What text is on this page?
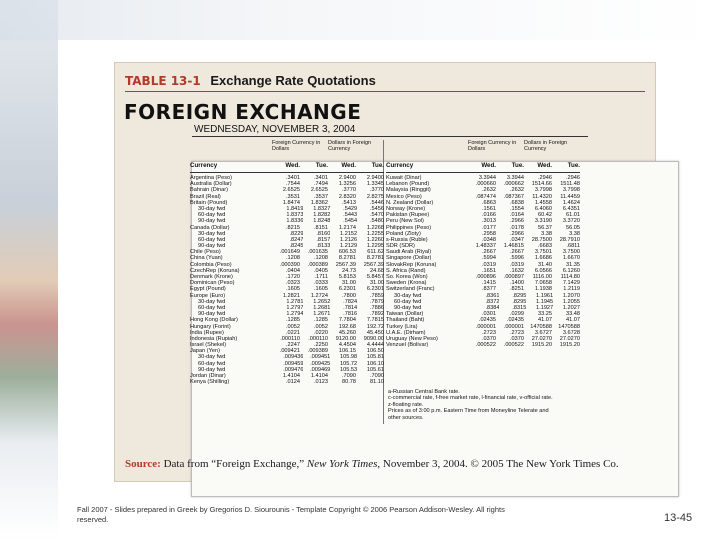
TABLE 13-1 Exchange Rate Quotations
Source: Data from “Foreign Exchange,” New York Times, November 3, 2004. © 2005 The New York Times Co.
FOREIGN EXCHANGE
WEDNESDAY, NOVEMBER 3, 2004
Foreign Currency in Dollars
Dollars in Foreign Currency
Currency	Wed.	Tue.	Wed.	Tue.
Argentina (Peso)	.3401	.3401	2.9400	2.9400
Australia (Dollar)	.7544	.7494	1.3256	1.3345
Bahrain (Dinar)	2.6525	2.6525	.3770	.3770
Brazil (Real)	.3531	.3537	2.8320	2.8275
Britain (Pound)	1.8474	1.8362	.5413	.5446
30-day fwd	1.8419	1.8327	.5429	.5456
60-day fwd	1.8373	1.8282	.5443	.5470
90-day fwd	1.8336	1.8248	.5454	.5480
Canada (Dollar)	.8215	.8151	1.2174	1.2268
30-day fwd	.8229	.8160	1.2152	1.2255
60-day fwd	.8247	.8157	1.2126	1.2260
90-day fwd	.8245	.8133	1.2129	1.2295
Chile (Peso)	.001649	.001635	606.53	611.62
China (Yuan)	.1208	.1208	8.2781	8.2781
Colombia (Peso)	.000390	.000389	2567.39	2567.39
CzechRep (Koruna)	.0404	.0405	24.73	24.68
Denmark (Krone)	.1720	.1711	5.8153	5.8457
Dominican (Peso)	.0323	.0333	31.00	31.00
Egypt (Pound)	.1605	.1605	6.2301	6.2301
Europe (Euro)	1.2821	1.2724	.7800	.7859
30-day fwd	1.2781	1.2652	.7824	.7879
60-day fwd	1.2797	1.2681	.7814	.7886
90-day fwd	1.2794	1.2671	.7816	.7892
Hong Kong (Dollar)	.1285	.1285	7.7804	7.7815
Hungary (Forint)	.0052	.0052	192.68	192.72
India (Rupee)	.0221	.0220	45.260	45.450
Indonesia (Rupiah)	.000110	.000110	9120.00	9090.00
Israel (Shekel)	.2247	.2250	4.4504	4.4444
Japan (Yen)	.009421	.009389	106.15	106.50
30-day fwd	.009436	.009451	105.98	105.81
60-day fwd	.009459	.009425	105.72	106.10
90-day fwd	.009476	.009469	105.53	105.61
Jordan (Dinar)	1.4104	1.4104	.7090	.7090
Kenya (Shilling)	.0124	.0123	80.78	81.10
Foreign Currency in Dollars
Dollars in Foreign Currency
Currency	Wed.	Tue.	Wed.	Tue.
Kuwait (Dinar)	3.3944	3.3944	.2946	.2946
Lebanon (Pound)	.000660	.000662	1514.66	1511.48
Malaysia (Ringgit)	.2632	.2632	3.7998	3.7998
Mexico (Peso)	.087474	.087367	11.4320	11.4459
N. Zealand (Dollar)	.6863	.6838	1.4558	1.4624
Norway (Krone)	.1561	.1554	6.4060	6.4351
Pakistan (Rupee)	.0166	.0164	60.42	61.01
Peru (New Sol)	.3013	.2966	3.3190	3.3720
Philippines (Peso)	.0177	.0178	56.37	56.05
Poland (Zloty)	.2958	.2966	3.38	3.38
s-Russia (Ruble)	.0348	.0347	28.7500	28.7910
SDR (SDR)	1.48337	1.46815	.6683	.6811
Saudi Arab (Riyal)	.2667	.2667	3.7501	3.7500
Singapore (Dollar)	.5994	.5996	1.6686	1.6670
SlovakRep (Koruna)	.0319	.0319	31.40	31.35
S. Africa (Rand)	.1651	.1632	6.0566	6.1260
So. Korea (Won)	.000896	.000897	1116.00	1114.80
Sweden (Krona)	.1415	.1400	7.0658	7.1429
Switzerland (Franc)	.8377	.8251	1.1938	1.2119
30-day fwd	.8361	.8295	1.1961	1.2070
60-day fwd	.8372	.8295	1.1945	1.2055
90-day fwd	.8384	.8315	1.1927	1.2027
Taiwan (Dollar)	.0301	.0299	33.25	33.48
Thailand (Baht)	.02435	.02435	41.07	41.07
Turkey (Lira)	.000001	.000001	1470588	1470588
U.A.E. (Dirham)	.2723	.2723	3.6727	3.6728
Uruguay (New Peso)	.0370	.0370	27.0270	27.0270
Venzuel (Bolivar)	.000522	.000522	1915.20	1915.20
a-Russian Central Bank rate.
c-commercial rate, f-free market rate, l-financial rate, v-official rate.
z-floating rate.
Prices as of 3:00 p.m. Eastern Time from Moneyline Telerate and
other sources.
Fall 2007 - Slides prepared in Greek by Gregorios D. Siourounis - Template Copyright © 2006 Pearson Addison-Wesley. All rights reserved.	13-45
